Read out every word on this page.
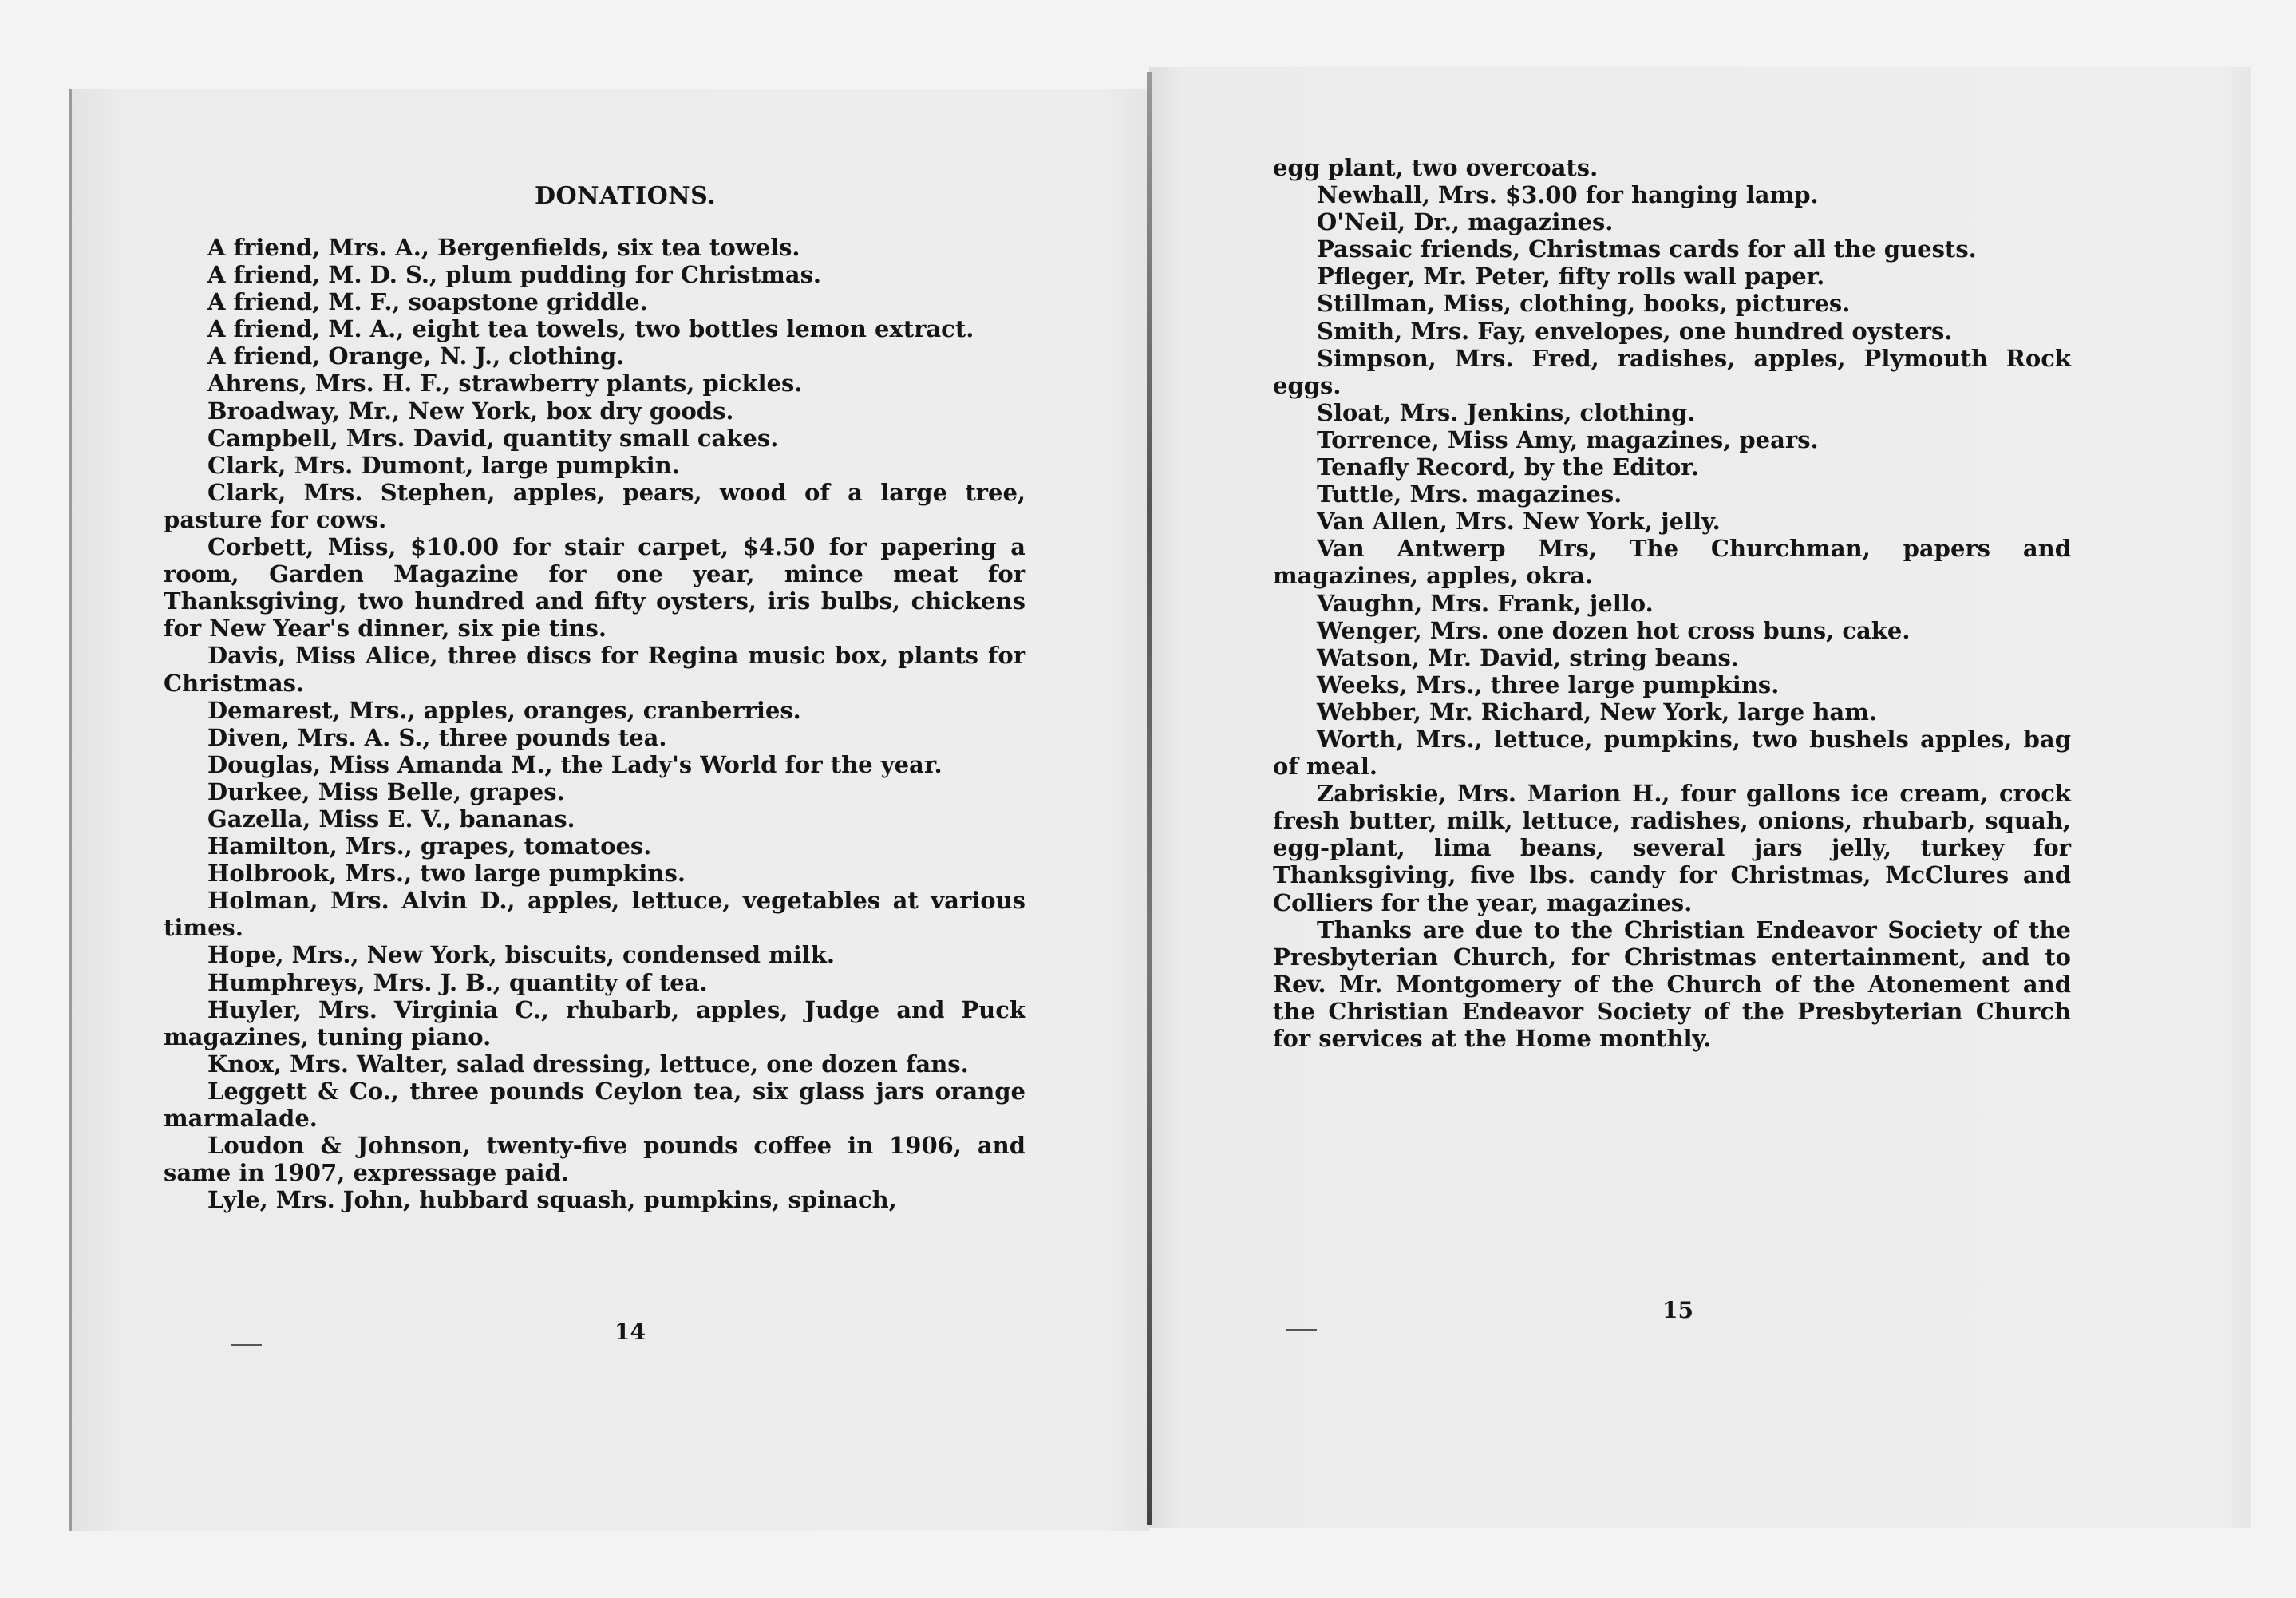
DONATIONS.

A friend, Mrs. A., Bergenfields, six tea towels.

A friend, M. D. S., plum pudding for Christmas.

A friend, M. F., soapstone griddle.

A friend, M. A., eight tea towels, two bottles lemon extract.

A friend, Orange, N. J., clothing.

Ahrens, Mrs. H. F., strawberry plants, pickles.

Broadway, Mr., New York, box dry goods.

Campbell, Mrs. David, quantity small cakes.

Clark, Mrs. Dumont, large pumpkin.

Clark, Mrs. Stephen, apples, pears, wood of a large tree, pasture for cows.

Corbett, Miss, $10.00 for stair carpet, $4.50 for papering a room, Garden Magazine for one year, mince meat for Thanksgiving, two hundred and fifty oysters, iris bulbs, chickens for New Year's dinner, six pie tins.

Davis, Miss Alice, three discs for Regina music box, plants for Christmas.

Demarest, Mrs., apples, oranges, cranberries.

Diven, Mrs. A. S., three pounds tea.

Douglas, Miss Amanda M., the Lady's World for the year.

Durkee, Miss Belle, grapes.

Gazella, Miss E. V., bananas.

Hamilton, Mrs., grapes, tomatoes.

Holbrook, Mrs., two large pumpkins.

Holman, Mrs. Alvin D., apples, lettuce, vegetables at various times.

Hope, Mrs., New York, biscuits, condensed milk.

Humphreys, Mrs. J. B., quantity of tea.

Huyler, Mrs. Virginia C., rhubarb, apples, Judge and Puck magazines, tuning piano.

Knox, Mrs. Walter, salad dressing, lettuce, one dozen fans.

Leggett & Co., three pounds Ceylon tea, six glass jars orange marmalade.

Loudon & Johnson, twenty-five pounds coffee in 1906, and same in 1907, expressage paid.

Lyle, Mrs. John, hubbard squash, pumpkins, spinach,

14

egg plant, two overcoats.

Newhall, Mrs. $3.00 for hanging lamp.

O'Neil, Dr., magazines.

Passaic friends, Christmas cards for all the guests.

Pfleger, Mr. Peter, fifty rolls wall paper.

Stillman, Miss, clothing, books, pictures.

Smith, Mrs. Fay, envelopes, one hundred oysters.

Simpson, Mrs. Fred, radishes, apples, Plymouth Rock eggs.

Sloat, Mrs. Jenkins, clothing.

Torrence, Miss Amy, magazines, pears.

Tenafly Record, by the Editor.

Tuttle, Mrs. magazines.

Van Allen, Mrs. New York, jelly.

Van Antwerp Mrs, The Churchman, papers and magazines, apples, okra.

Vaughn, Mrs. Frank, jello.

Wenger, Mrs. one dozen hot cross buns, cake.

Watson, Mr. David, string beans.

Weeks, Mrs., three large pumpkins.

Webber, Mr. Richard, New York, large ham.

Worth, Mrs., lettuce, pumpkins, two bushels apples, bag of meal.

Zabriskie, Mrs. Marion H., four gallons ice cream, crock fresh butter, milk, lettuce, radishes, onions, rhubarb, squah, egg-plant, lima beans, several jars jelly, turkey for Thanksgiving, five lbs. candy for Christmas, McClures and Colliers for the year, magazines.

Thanks are due to the Christian Endeavor Society of the Presbyterian Church, for Christmas entertainment, and to Rev. Mr. Montgomery of the Church of the Atonement and the Christian Endeavor Society of the Presbyterian Church for services at the Home monthly.

15
